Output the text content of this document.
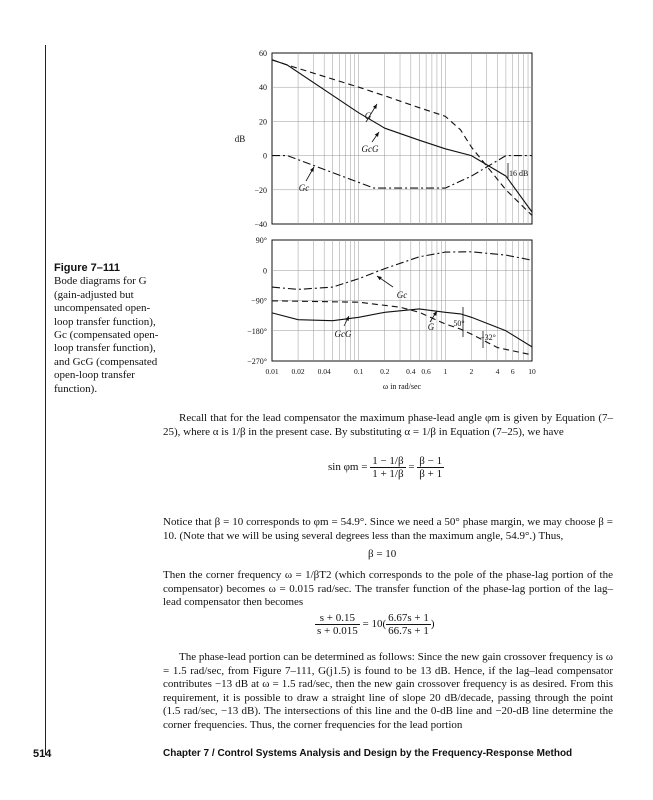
Figure 7–111
Bode diagrams for G (gain-adjusted but uncompensated open-loop transfer function), Gc (compensated open-loop transfer function), and GcG (compensated open-loop transfer function).
60
40
20
0
−20
−40
dB
G
GcG
Gc
16 dB
90°
0
−90°
−180°
−270°
Gc
G
GcG
50°
−32°
0.01 0.02 0.04	0.1 0.2 0.4 0.6 1	2	4 6 10
ω in rad/sec

Recall that for the lead compensator the maximum phase-lead angle φm is given by Equation (7–25), where α is 1/β in the present case. By substituting α = 1/β in Equation (7–25), we have

$\sin \varphi m = \frac{1 - 1/\beta}{1 + 1/\beta} = \frac{\beta - 1}{\beta + 1}$

Notice that β = 10 corresponds to φm = 54.9°. Since we need a 50° phase margin, we may choose β = 10. (Note that we will be using several degrees less than the maximum angle, 54.9°.) Thus,

β = 10

Then the corner frequency ω = 1/βT2 (which corresponds to the pole of the phase-lag portion of the compensator) becomes ω = 0.015 rad/sec. The transfer function of the phase-lag portion of the lag–lead compensator then becomes

$\frac{s + 0.15}{s + 0.015} = 10( \frac{6.67s + 1}{66.7s + 1}$ )

The phase-lead portion can be determined as follows: Since the new gain crossover frequency is ω = 1.5 rad/sec, from Figure 7–111, G(j1.5) is found to be 13 dB. Hence, if the lag–lead compensator contributes −13 dB at ω = 1.5 rad/sec, then the new gain crossover frequency is as desired. From this requirement, it is possible to draw a straight line of slope 20 dB/decade, passing through the point (1.5 rad/sec, −13 dB). The intersections of this line and the 0-dB line and −20-dB line determine the corner frequencies. Thus, the corner frequencies for the lead portion

514	Chapter 7 / Control Systems Analysis and Design by the Frequency-Response Method
